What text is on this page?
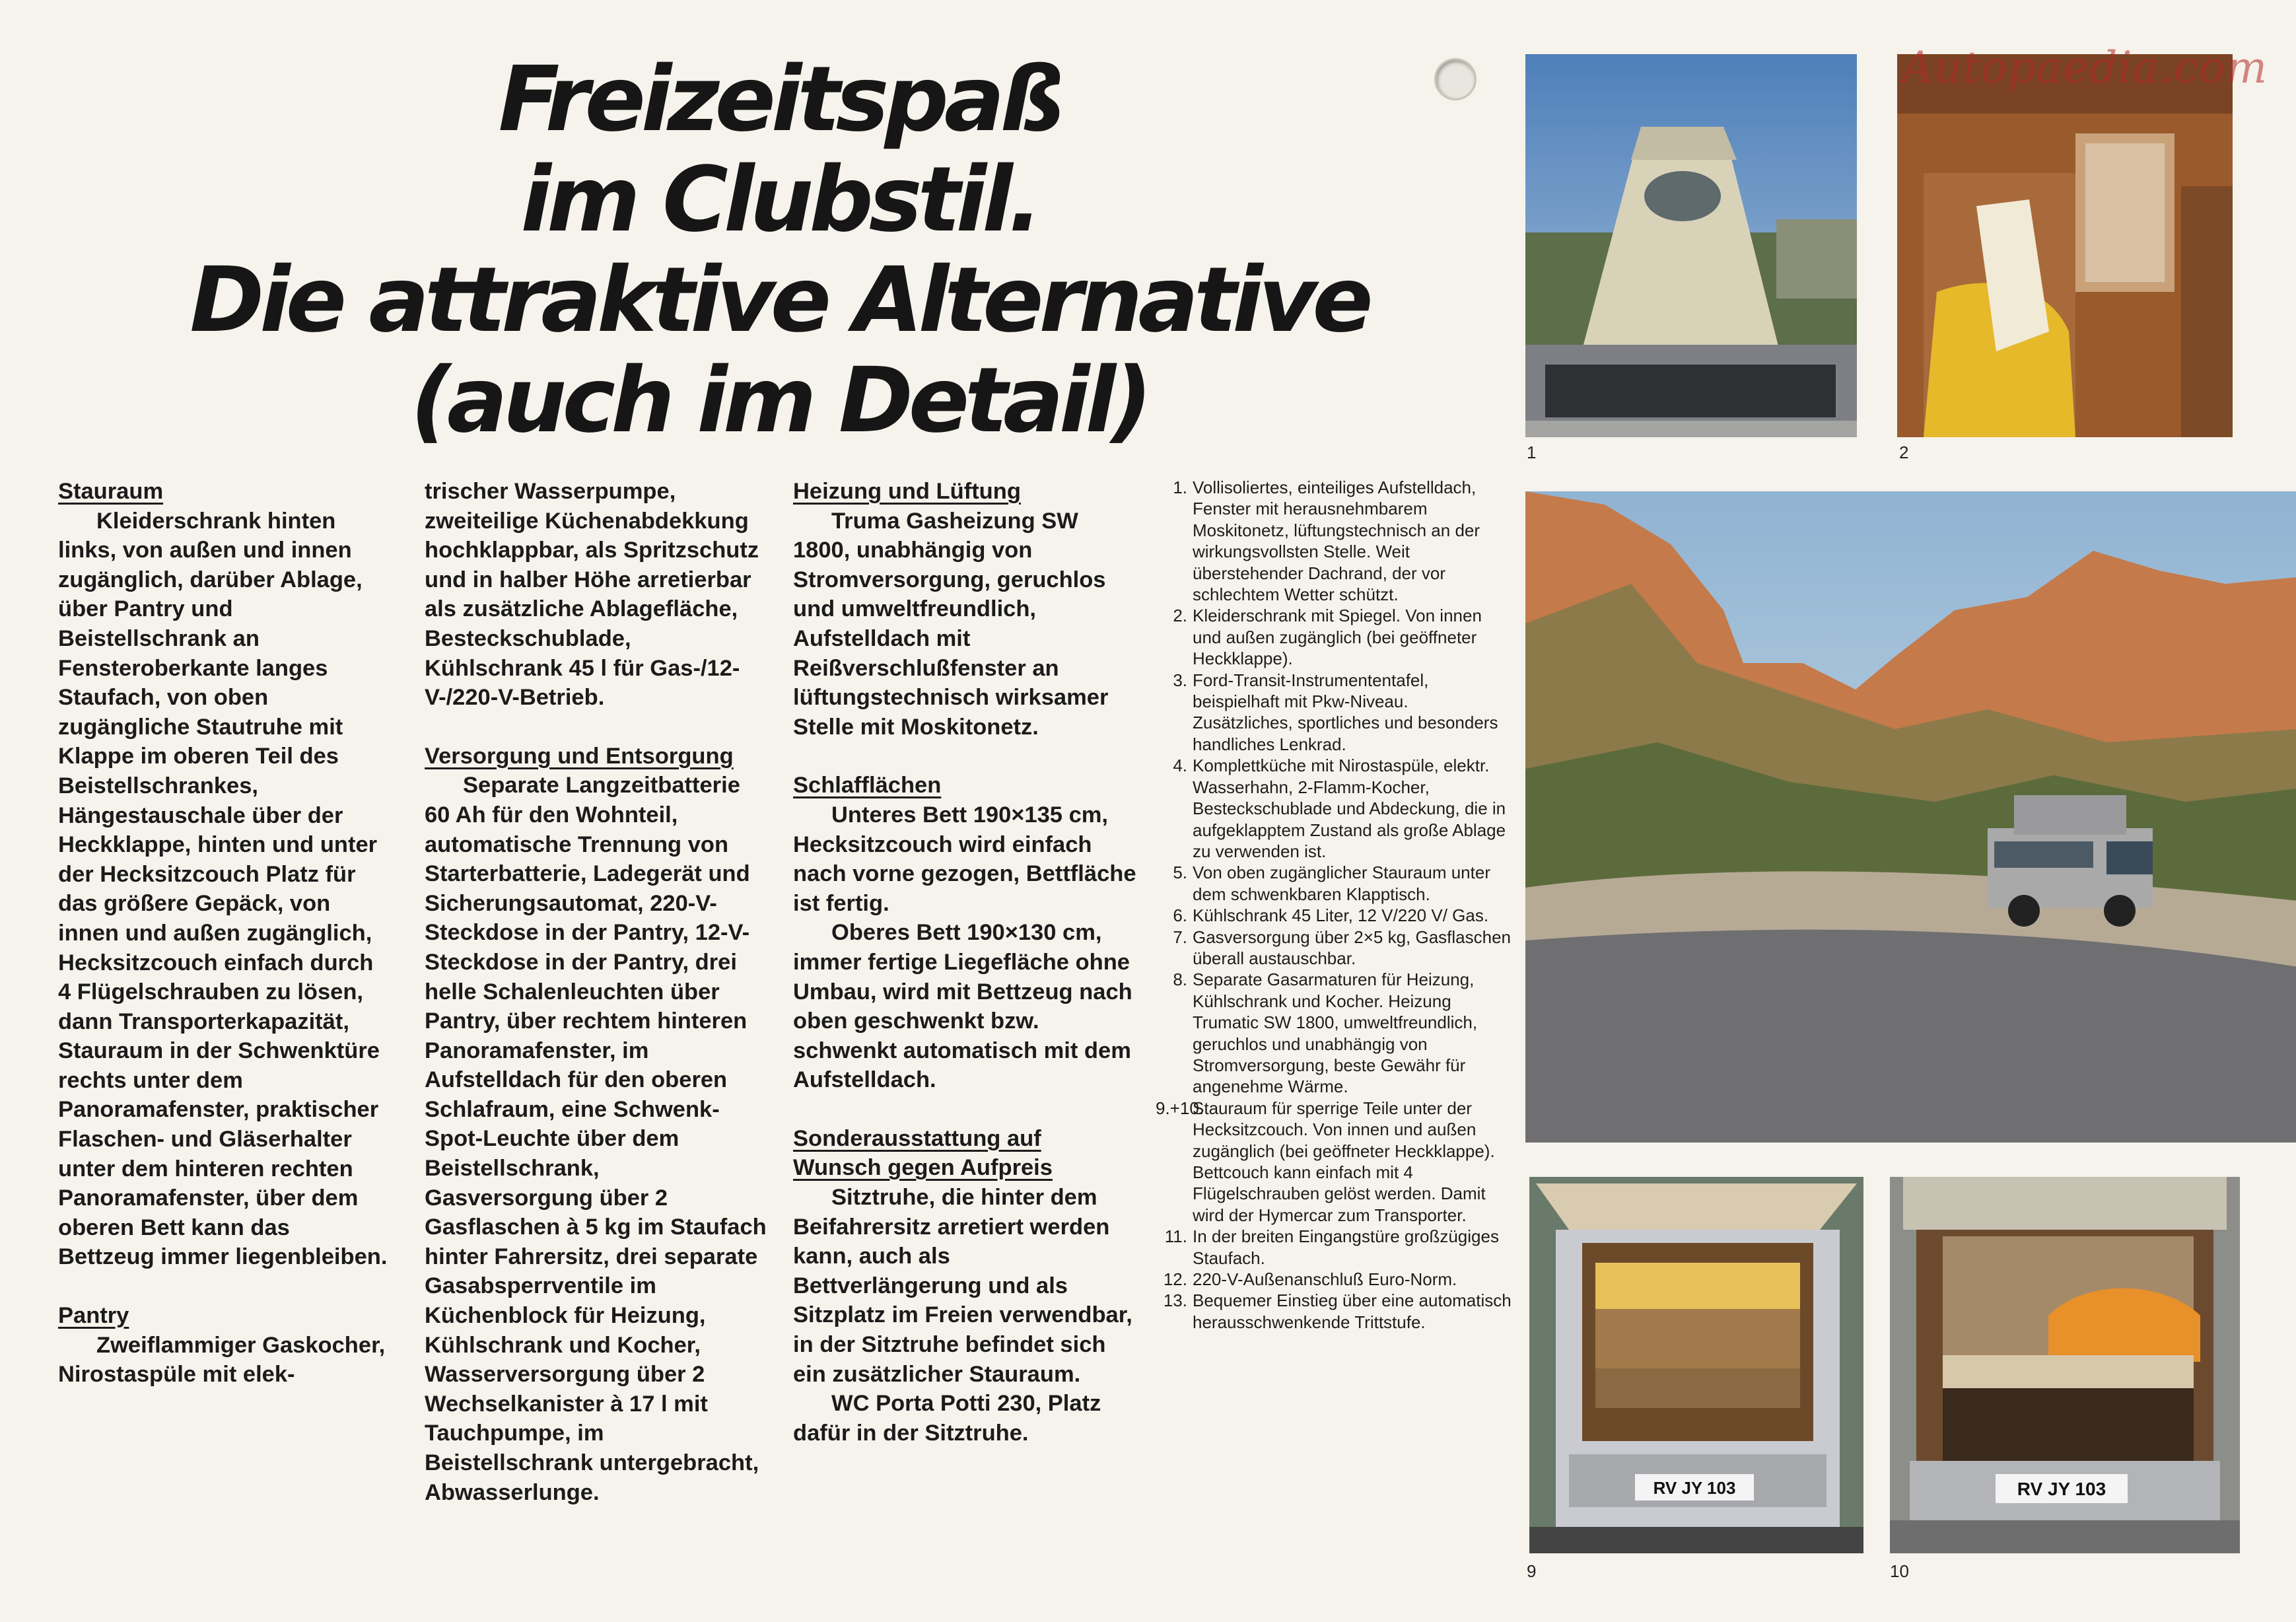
Freizeitspaß
im Clubstil.
Die attraktive Alternative
(auch im Detail)
Stauraum

Kleiderschrank hinten links, von außen und innen zugänglich, darüber Ablage, über Pantry und Beistellschrank an Fensteroberkante langes Staufach, von oben zugängliche Stautruhe mit Klappe im oberen Teil des Beistellschrankes, Hängestauschale über der Heckklappe, hinten und unter der Hecksitzcouch Platz für das größere Gepäck, von innen und außen zugänglich, Hecksitzcouch einfach durch 4 Flügelschrauben zu lösen, dann Transporterkapazität, Stauraum in der Schwenktüre rechts unter dem Panoramafenster, praktischer Flaschen- und Gläserhalter unter dem hinteren rechten Panoramafenster, über dem oberen Bett kann das Bettzeug immer liegenbleiben.

Pantry

Zweiflammiger Gaskocher, Nirostaspüle mit elek-

trischer Wasserpumpe, zweiteilige Küchenabdekkung hochklappbar, als Spritzschutz und in halber Höhe arretierbar als zusätzliche Ablagefläche, Besteckschublade, Kühlschrank 45 l für Gas-/12-V-/220-V-Betrieb.

Versorgung und Entsorgung

Separate Langzeitbatterie 60 Ah für den Wohnteil, automatische Trennung von Starterbatterie, Ladegerät und Sicherungsautomat, 220-V-Steckdose in der Pantry, 12-V-Steckdose in der Pantry, drei helle Schalenleuchten über Pantry, über rechtem hinteren Panoramafenster, im Aufstelldach für den oberen Schlafraum, eine Schwenk-Spot-Leuchte über dem Beistellschrank, Gasversorgung über 2 Gasflaschen à 5 kg im Staufach hinter Fahrersitz, drei separate Gasabsperrventile im Küchenblock für Heizung, Kühlschrank und Kocher, Wasserversorgung über 2 Wechselkanister à 17 l mit Tauchpumpe, im Beistellschrank untergebracht, Abwasserlunge.

Heizung und Lüftung

Truma Gasheizung SW 1800, unabhängig von Stromversorgung, geruchlos und umweltfreundlich, Aufstelldach mit Reißverschlußfenster an lüftungstechnisch wirksamer Stelle mit Moskitonetz.

Schlafflächen

Unteres Bett 190×135 cm, Hecksitzcouch wird einfach nach vorne gezogen, Bettfläche ist fertig.

Oberes Bett 190×130 cm, immer fertige Liegefläche ohne Umbau, wird mit Bettzeug nach oben geschwenkt bzw. schwenkt automatisch mit dem Aufstelldach.

Sonderausstattung auf
Wunsch gegen Aufpreis

Sitztruhe, die hinter dem Beifahrersitz arretiert werden kann, auch als Bettverlängerung und als Sitzplatz im Freien verwendbar, in der Sitztruhe befindet sich ein zusätzlicher Stauraum.

WC Porta Potti 230, Platz dafür in der Sitztruhe.

1. Vollisoliertes, einteiliges Aufstelldach, Fenster mit herausnehmbarem Moskitonetz, lüftungstechnisch an der wirkungsvollsten Stelle. Weit überstehender Dachrand, der vor schlechtem Wetter schützt.
2. Kleiderschrank mit Spiegel. Von innen und außen zugänglich (bei geöffneter Heckklappe).
3. Ford-Transit-Instrumententafel, beispielhaft mit Pkw-Niveau. Zusätzliches, sportliches und besonders handliches Lenkrad.
4. Komplettküche mit Nirostaspüle, elektr. Wasserhahn, 2-Flamm-Kocher, Besteckschublade und Abdeckung, die in aufgeklapptem Zustand als große Ablage zu verwenden ist.
5. Von oben zugänglicher Stauraum unter dem schwenkbaren Klapptisch.
6. Kühlschrank 45 Liter, 12 V/220 V/ Gas.
7. Gasversorgung über 2×5 kg, Gasflaschen überall austauschbar.
8. Separate Gasarmaturen für Heizung, Kühlschrank und Kocher. Heizung Trumatic SW 1800, umweltfreundlich, geruchlos und unabhängig von Stromversorgung, beste Gewähr für angenehme Wärme.
9.+10.
Stauraum für sperrige Teile unter der Hecksitzcouch. Von innen und außen zugänglich (bei geöffneter Heckklappe). Bettcouch kann einfach mit 4 Flügelschrauben gelöst werden. Damit wird der Hymercar zum Transporter.
11. In der breiten Eingangstüre großzügiges Staufach.
12. 220-V-Außenanschluß Euro-Norm.
13. Bequemer Einstieg über eine automatisch herausschwenkende Trittstufe.
1
Autopaedia.com
2
RV JY 103
9
RV JY 103
10
